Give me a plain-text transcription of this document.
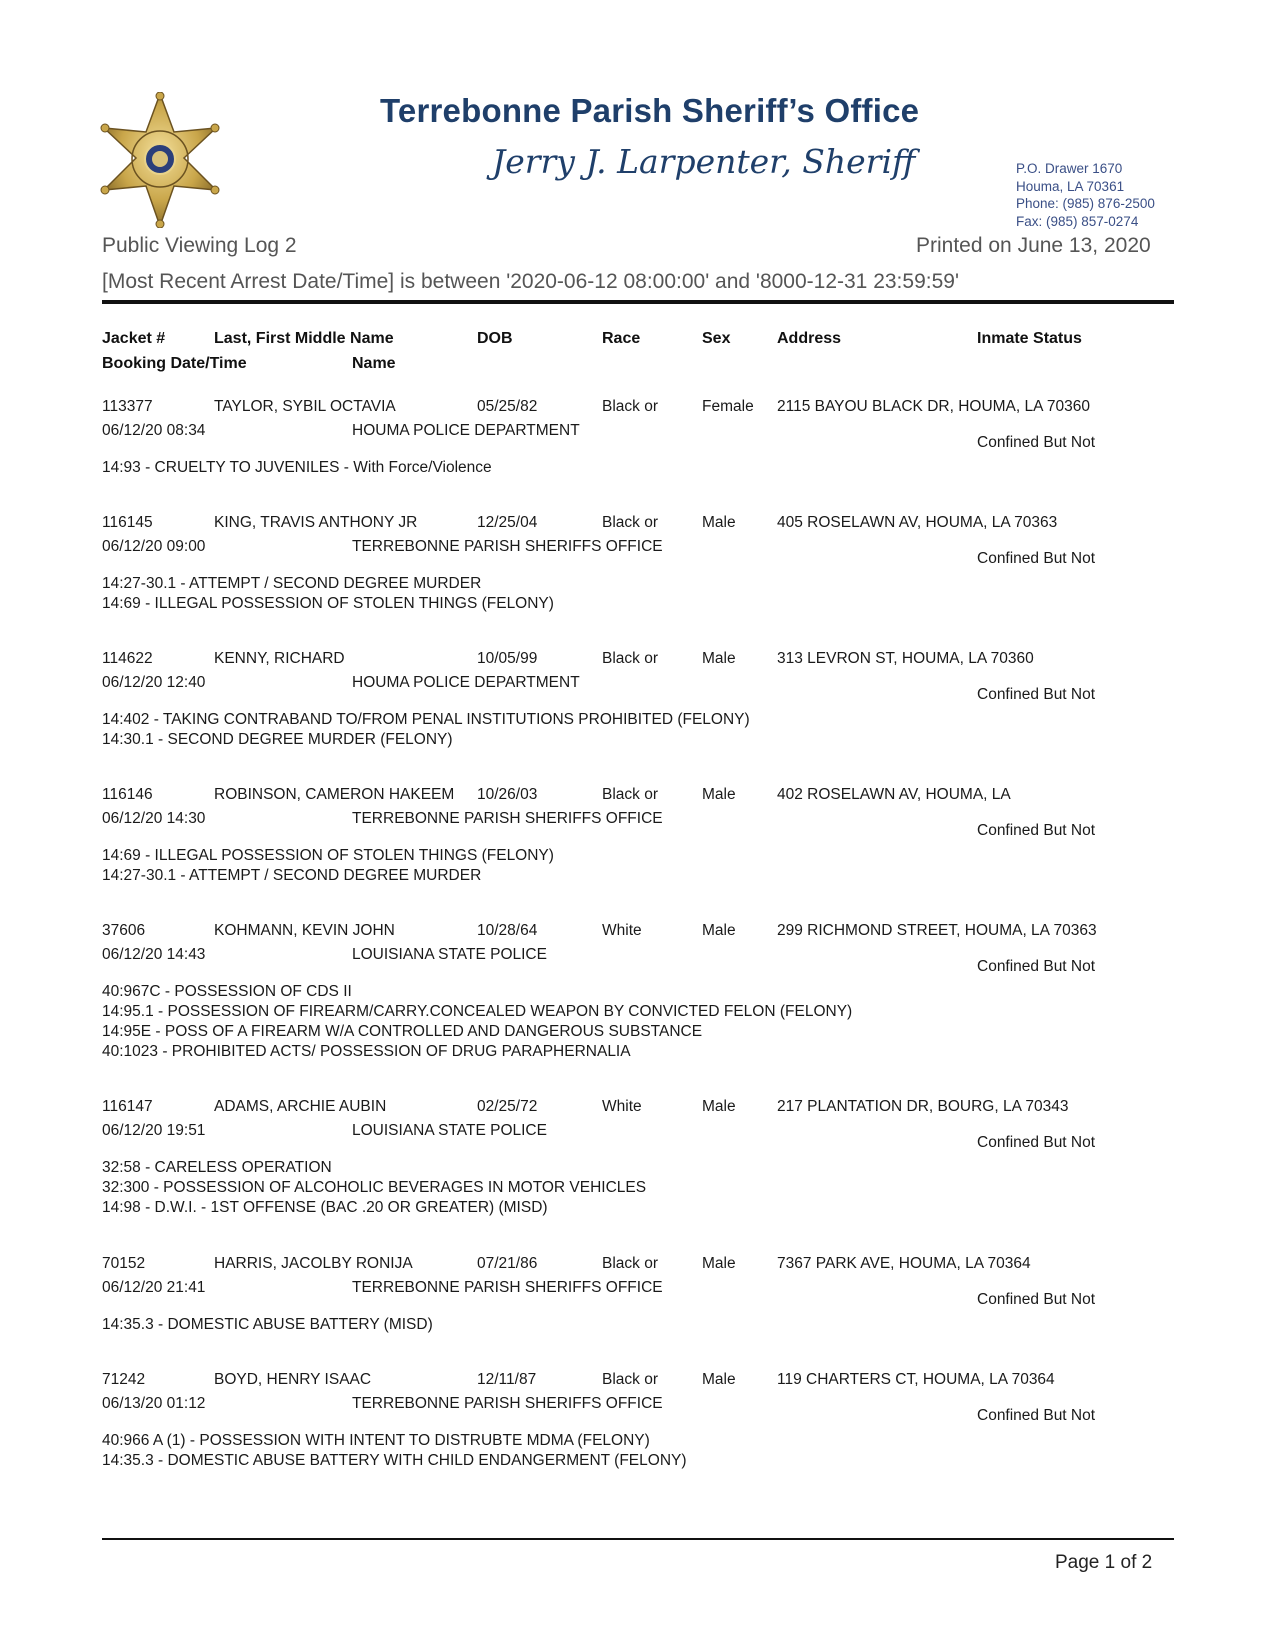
Terrebonne Parish Sheriff’s Office
Jerry J. Larpenter, Sheriff	P.O. Drawer 1670
Houma, LA 70361
Phone: (985) 876-2500
Fax: (985) 857-0274
Public Viewing Log 2	Printed on June 13, 2020
[Most Recent Arrest Date/Time] is between '2020-06-12 08:00:00' and '8000-12-31 23:59:59'
Jacket #	Last, First Middle Name	DOB	Race	Sex	Address	Inmate Status
Booking Date/Time	Name
113377	TAYLOR, SYBIL OCTAVIA	05/25/82	Black or	Female 2115 BAYOU BLACK DR, HOUMA, LA 70360
06/12/20 08:34	HOUMA POLICE DEPARTMENT
Confined But Not
14:93 - CRUELTY TO JUVENILES - With Force/Violence
116145	KING, TRAVIS ANTHONY JR	12/25/04	Black or	Male	405 ROSELAWN AV, HOUMA, LA 70363
06/12/20 09:00	TERREBONNE PARISH SHERIFFS OFFICE
Confined But Not
14:27-30.1 - ATTEMPT / SECOND DEGREE MURDER
14:69 - ILLEGAL POSSESSION OF STOLEN THINGS (FELONY)
114622	KENNY, RICHARD	10/05/99	Black or	Male	313 LEVRON ST, HOUMA, LA 70360
06/12/20 12:40	HOUMA POLICE DEPARTMENT
Confined But Not
14:402 - TAKING CONTRABAND TO/FROM PENAL INSTITUTIONS PROHIBITED (FELONY)
14:30.1 - SECOND DEGREE MURDER (FELONY)
116146	ROBINSON, CAMERON HAKEEM 10/26/03	Black or	Male	402 ROSELAWN AV, HOUMA, LA
06/12/20 14:30	TERREBONNE PARISH SHERIFFS OFFICE
Confined But Not
14:69 - ILLEGAL POSSESSION OF STOLEN THINGS (FELONY)
14:27-30.1 - ATTEMPT / SECOND DEGREE MURDER
37606	KOHMANN, KEVIN JOHN	10/28/64	White	Male	299 RICHMOND STREET, HOUMA, LA 70363
06/12/20 14:43	LOUISIANA STATE POLICE
Confined But Not
40:967C - POSSESSION OF CDS II
14:95.1 - POSSESSION OF FIREARM/CARRY.CONCEALED WEAPON BY CONVICTED FELON (FELONY)
14:95E - POSS OF A FIREARM W/A CONTROLLED AND DANGEROUS SUBSTANCE
40:1023 - PROHIBITED ACTS/ POSSESSION OF DRUG PARAPHERNALIA
116147	ADAMS, ARCHIE AUBIN	02/25/72	White	Male	217 PLANTATION DR, BOURG, LA 70343
06/12/20 19:51	LOUISIANA STATE POLICE
Confined But Not
32:58 - CARELESS OPERATION
32:300 - POSSESSION OF ALCOHOLIC BEVERAGES IN MOTOR VEHICLES
14:98 - D.W.I. - 1ST OFFENSE (BAC .20 OR GREATER) (MISD)
70152	HARRIS, JACOLBY RONIJA	07/21/86	Black or	Male	7367 PARK AVE, HOUMA, LA 70364
06/12/20 21:41	TERREBONNE PARISH SHERIFFS OFFICE
Confined But Not
14:35.3 - DOMESTIC ABUSE BATTERY (MISD)
71242	BOYD, HENRY ISAAC	12/11/87	Black or	Male	119 CHARTERS CT, HOUMA, LA 70364
06/13/20 01:12	TERREBONNE PARISH SHERIFFS OFFICE
Confined But Not
40:966 A (1) - POSSESSION WITH INTENT TO DISTRUBTE MDMA (FELONY)
14:35.3 - DOMESTIC ABUSE BATTERY WITH CHILD ENDANGERMENT (FELONY)
Page 1 of 2
